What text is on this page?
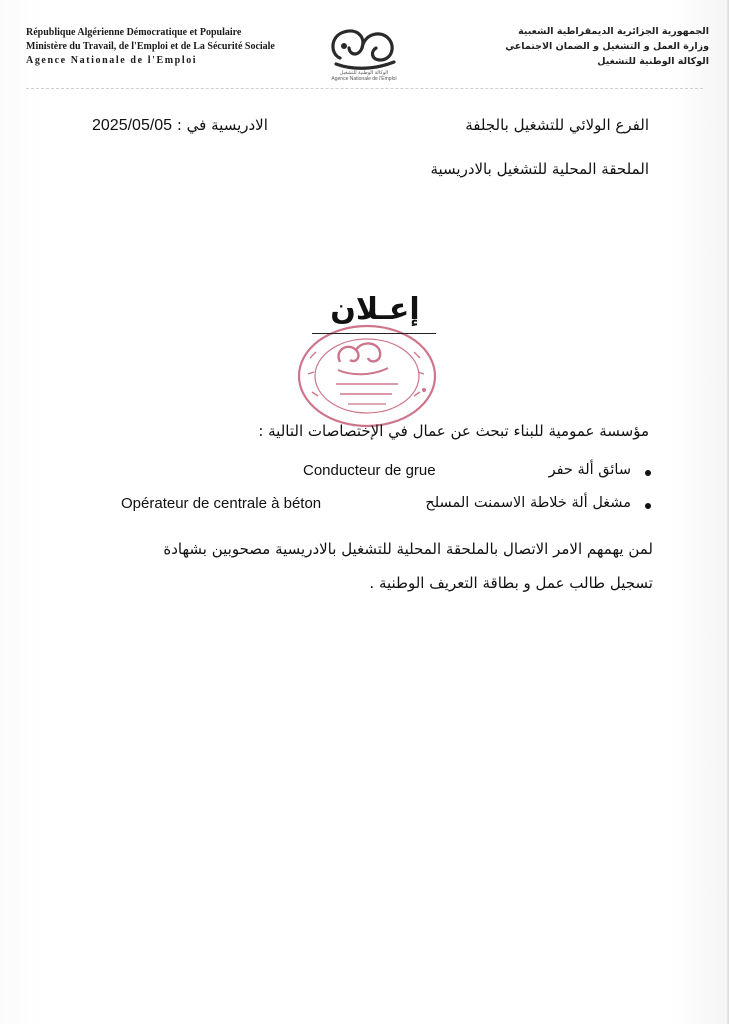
République Algérienne Démocratique et Populaire
Ministère du Travail, de l'Emploi et de La Sécurité Sociale
Agence Nationale de l'Emploi
الوكالة الوطنية للتشغيل
Agence Nationale de l'Emploi
الجمهورية الجزائرية الديمقراطية الشعبية
وزارة العمل و التشغيل و الضمان الاجتماعي
الوكالة الوطنية للتشغيل
الفرع الولائي للتشغيل بالجلفة
2025/05/05 الادريسية في :
الملحقة المحلية للتشغيل بالادريسية
إعـلان
مؤسسة عمومية للبناء تبحث عن عمال في الإختصاصات التالية :
سائق ألة حفر
Conducteur de grue
مشغل ألة خلاطة الاسمنت المسلح
Opérateur de centrale à béton
لمن يهمهم الامر الاتصال بالملحقة المحلية للتشغيل بالادريسية مصحوبين بشهادة
تسجيل طالب عمل و بطاقة التعريف الوطنية .
